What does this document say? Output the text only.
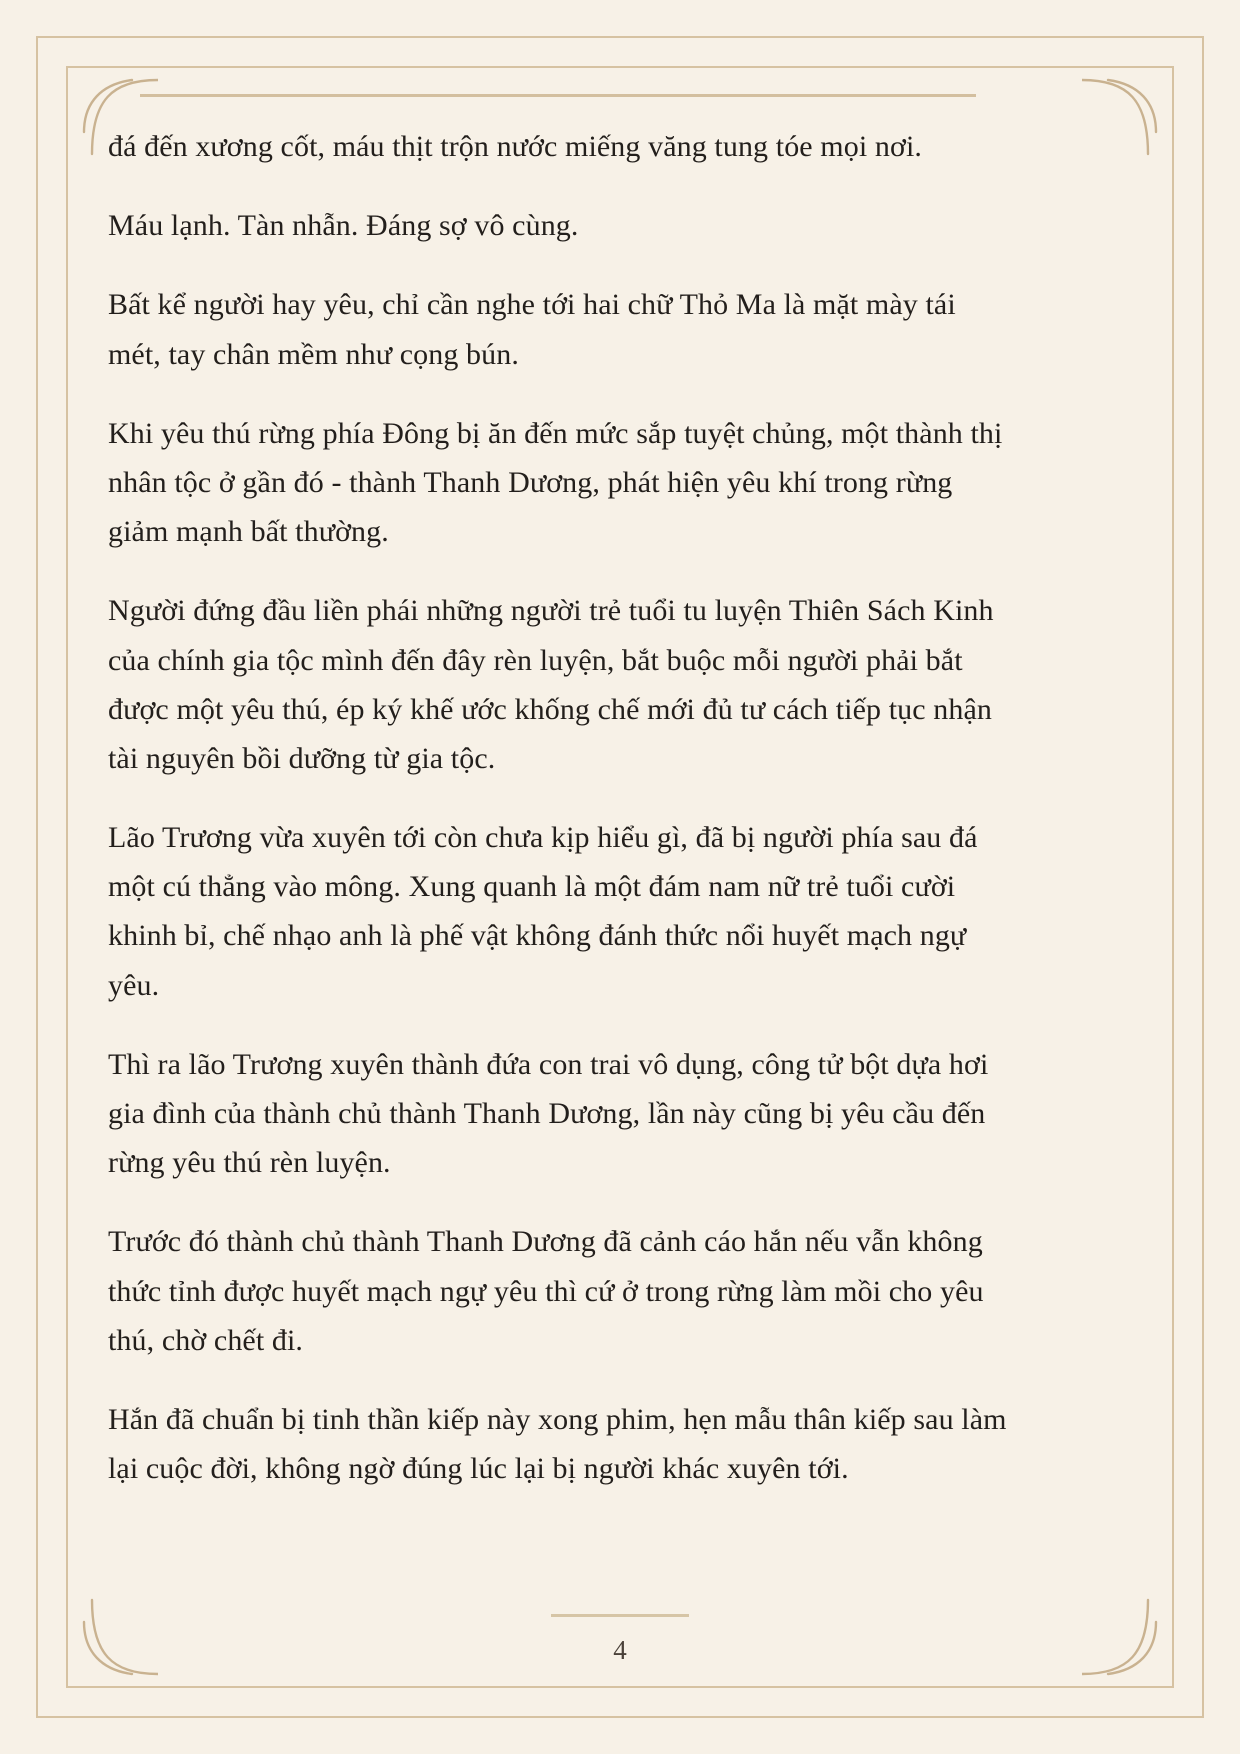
đá đến xương cốt, máu thịt trộn nước miếng văng tung tóe mọi nơi.

Máu lạnh. Tàn nhẫn. Đáng sợ vô cùng.

Bất kể người hay yêu, chỉ cần nghe tới hai chữ Thỏ Ma là mặt mày tái mét, tay chân mềm như cọng bún.

Khi yêu thú rừng phía Đông bị ăn đến mức sắp tuyệt chủng, một thành thị nhân tộc ở gần đó - thành Thanh Dương, phát hiện yêu khí trong rừng giảm mạnh bất thường.

Người đứng đầu liền phái những người trẻ tuổi tu luyện Thiên Sách Kinh của chính gia tộc mình đến đây rèn luyện, bắt buộc mỗi người phải bắt được một yêu thú, ép ký khế ước khống chế mới đủ tư cách tiếp tục nhận tài nguyên bồi dưỡng từ gia tộc.

Lão Trương vừa xuyên tới còn chưa kịp hiểu gì, đã bị người phía sau đá một cú thẳng vào mông. Xung quanh là một đám nam nữ trẻ tuổi cười khinh bỉ, chế nhạo anh là phế vật không đánh thức nổi huyết mạch ngự yêu.

Thì ra lão Trương xuyên thành đứa con trai vô dụng, công tử bột dựa hơi gia đình của thành chủ thành Thanh Dương, lần này cũng bị yêu cầu đến rừng yêu thú rèn luyện.

Trước đó thành chủ thành Thanh Dương đã cảnh cáo hắn nếu vẫn không thức tỉnh được huyết mạch ngự yêu thì cứ ở trong rừng làm mồi cho yêu thú, chờ chết đi.

Hắn đã chuẩn bị tinh thần kiếp này xong phim, hẹn mẫu thân kiếp sau làm lại cuộc đời, không ngờ đúng lúc lại bị người khác xuyên tới.

4
